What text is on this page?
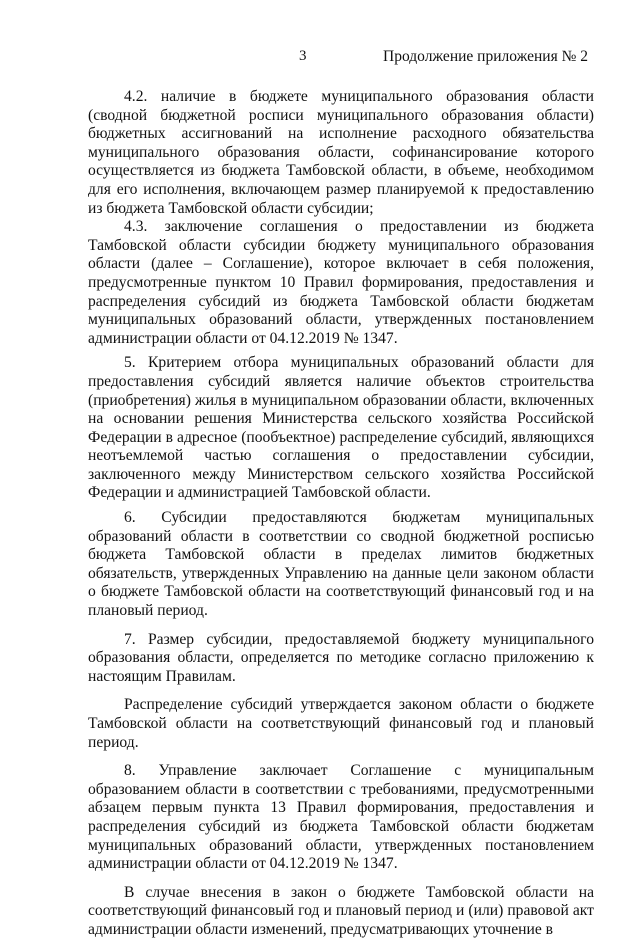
3	Продолжение приложения № 2

4.2. наличие в бюджете муниципального образования области (сводной бюджетной росписи муниципального образования области) бюджетных ассигнований на исполнение расходного обязательства муниципального образования области, софинансирование которого осуществляется из бюджета Тамбовской области, в объеме, необходимом для его исполнения, включающем размер планируемой к предоставлению из бюджета Тамбовской области субсидии;

4.3. заключение соглашения о предоставлении из бюджета Тамбовской области субсидии бюджету муниципального образования области (далее – Соглашение), которое включает в себя положения, предусмотренные пунктом 10 Правил формирования, предоставления и распределения субсидий из бюджета Тамбовской области бюджетам муниципальных образований области, утвержденных постановлением администрации области от 04.12.2019 № 1347.

5. Критерием отбора муниципальных образований области для предоставления субсидий является наличие объектов строительства (приобретения) жилья в муниципальном образовании области, включенных на основании решения Министерства сельского хозяйства Российской Федерации в адресное (пообъектное) распределение субсидий, являющихся неотъемлемой частью соглашения о предоставлении субсидии, заключенного между Министерством сельского хозяйства Российской Федерации и администрацией Тамбовской области.

6. Субсидии предоставляются бюджетам муниципальных образований области в соответствии со сводной бюджетной росписью бюджета Тамбовской области в пределах лимитов бюджетных обязательств, утвержденных Управлению на данные цели законом области о бюджете Тамбовской области на соответствующий финансовый год и на плановый период.

7. Размер субсидии, предоставляемой бюджету муниципального образования области, определяется по методике согласно приложению к настоящим Правилам.

Распределение субсидий утверждается законом области о бюджете Тамбовской области на соответствующий финансовый год и плановый период.

8. Управление заключает Соглашение с муниципальным образованием области в соответствии с требованиями, предусмотренными абзацем первым пункта 13 Правил формирования, предоставления и распределения субсидий из бюджета Тамбовской области бюджетам муниципальных образований области, утвержденных постановлением администрации области от 04.12.2019 № 1347.

В случае внесения в закон о бюджете Тамбовской области на соответствующий финансовый год и плановый период и (или) правовой акт администрации области изменений, предусматривающих уточнение в
